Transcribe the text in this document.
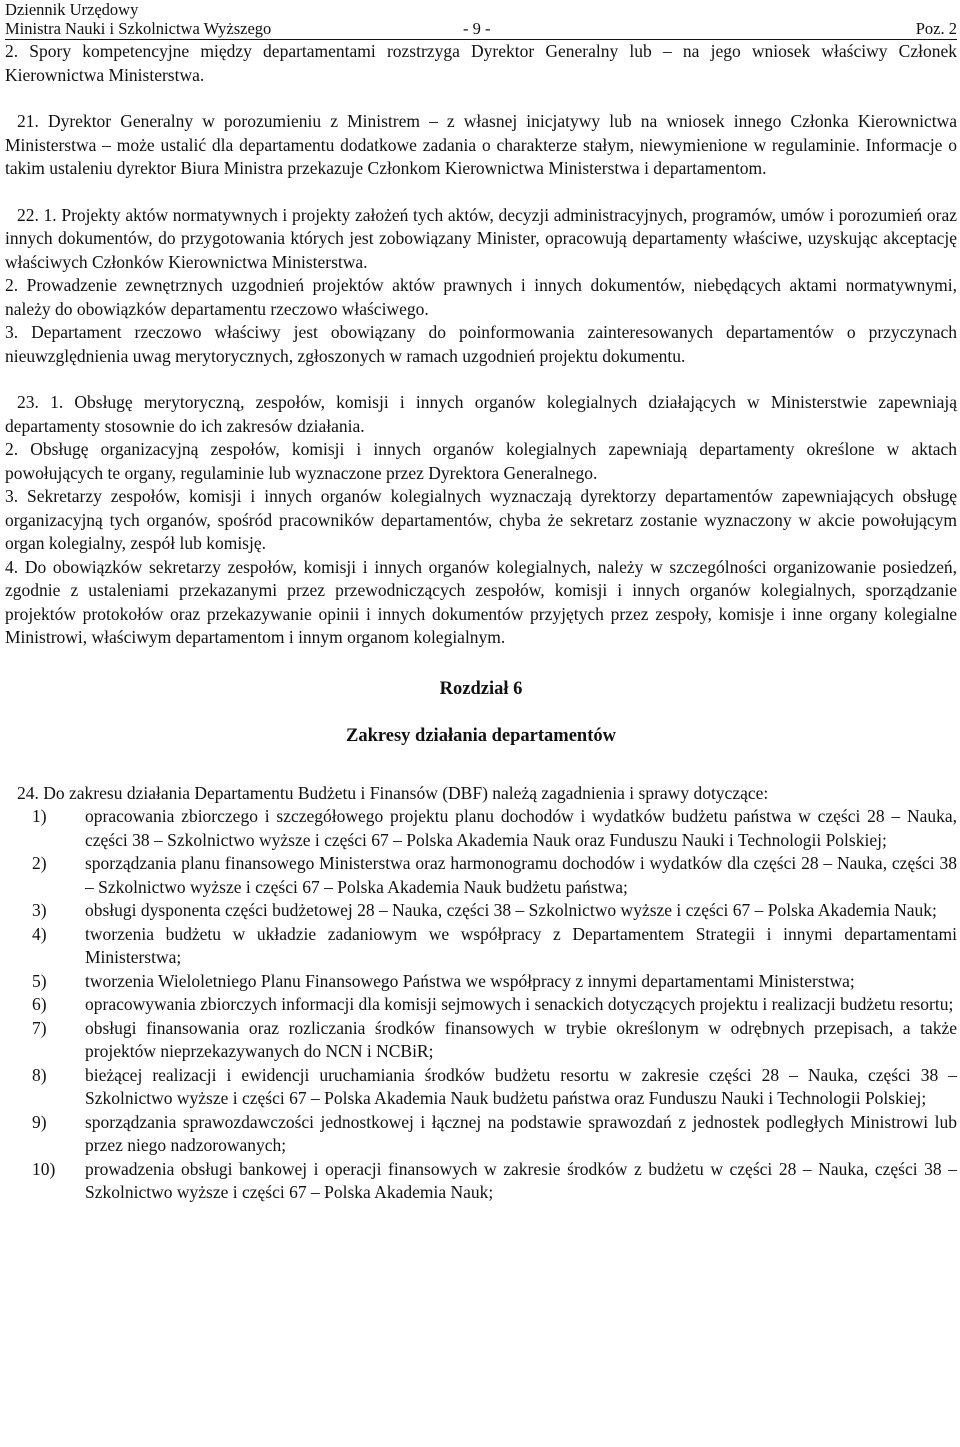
Dziennik Urzędowy
Ministra Nauki i Szkolnictwa Wyższego	- 9 -	Poz. 2

2. Spory kompetencyjne między departamentami rozstrzyga Dyrektor Generalny lub – na jego wniosek właściwy Członek Kierownictwa Ministerstwa.

21. Dyrektor Generalny w porozumieniu z Ministrem – z własnej inicjatywy lub na wniosek innego Członka Kierownictwa Ministerstwa – może ustalić dla departamentu dodatkowe zadania o charakterze stałym, niewymienione w regulaminie. Informacje o takim ustaleniu dyrektor Biura Ministra przekazuje Członkom Kierownictwa Ministerstwa i departamentom.

22. 1. Projekty aktów normatywnych i projekty założeń tych aktów, decyzji administracyjnych, programów, umów i porozumień oraz innych dokumentów, do przygotowania których jest zobowiązany Minister, opracowują departamenty właściwe, uzyskując akceptację właściwych Członków Kierownictwa Ministerstwa.

2. Prowadzenie zewnętrznych uzgodnień projektów aktów prawnych i innych dokumentów, niebędących aktami normatywnymi, należy do obowiązków departamentu rzeczowo właściwego.

3. Departament rzeczowo właściwy jest obowiązany do poinformowania zainteresowanych departamentów o przyczynach nieuwzględnienia uwag merytorycznych, zgłoszonych w ramach uzgodnień projektu dokumentu.

23. 1. Obsługę merytoryczną, zespołów, komisji i innych organów kolegialnych działających w Ministerstwie zapewniają departamenty stosownie do ich zakresów działania.

2. Obsługę organizacyjną zespołów, komisji i innych organów kolegialnych zapewniają departamenty określone w aktach powołujących te organy, regulaminie lub wyznaczone przez Dyrektora Generalnego.

3. Sekretarzy zespołów, komisji i innych organów kolegialnych wyznaczają dyrektorzy departamentów zapewniających obsługę organizacyjną tych organów, spośród pracowników departamentów, chyba że sekretarz zostanie wyznaczony w akcie powołującym organ kolegialny, zespół lub komisję.

4. Do obowiązków sekretarzy zespołów, komisji i innych organów kolegialnych, należy w szczególności organizowanie posiedzeń, zgodnie z ustaleniami przekazanymi przez przewodniczących zespołów, komisji i innych organów kolegialnych, sporządzanie projektów protokołów oraz przekazywanie opinii i innych dokumentów przyjętych przez zespoły, komisje i inne organy kolegialne Ministrowi, właściwym departamentom i innym organom kolegialnym.

Rozdział 6
Zakresy działania departamentów

24. Do zakresu działania Departamentu Budżetu i Finansów (DBF) należą zagadnienia i sprawy dotyczące:

1) opracowania zbiorczego i szczegółowego projektu planu dochodów i wydatków budżetu państwa w części 28 – Nauka, części 38 – Szkolnictwo wyższe i części 67 – Polska Akademia Nauk oraz Funduszu Nauki i Technologii Polskiej;
2) sporządzania planu finansowego Ministerstwa oraz harmonogramu dochodów i wydatków dla części 28 – Nauka, części 38 – Szkolnictwo wyższe i części 67 – Polska Akademia Nauk budżetu państwa;
3) obsługi dysponenta części budżetowej 28 – Nauka, części 38 – Szkolnictwo wyższe i części 67 – Polska Akademia Nauk;
4) tworzenia budżetu w układzie zadaniowym we współpracy z Departamentem Strategii i innymi departamentami Ministerstwa;
5) tworzenia Wieloletniego Planu Finansowego Państwa we współpracy z innymi departamentami Ministerstwa;
6) opracowywania zbiorczych informacji dla komisji sejmowych i senackich dotyczących projektu i realizacji budżetu resortu;
7) obsługi finansowania oraz rozliczania środków finansowych w trybie określonym w odrębnych przepisach, a także projektów nieprzekazywanych do NCN i NCBiR;
8) bieżącej realizacji i ewidencji uruchamiania środków budżetu resortu w zakresie części 28 – Nauka, części 38 – Szkolnictwo wyższe i części 67 – Polska Akademia Nauk budżetu państwa oraz Funduszu Nauki i Technologii Polskiej;
9) sporządzania sprawozdawczości jednostkowej i łącznej na podstawie sprawozdań z jednostek podległych Ministrowi lub przez niego nadzorowanych;
10) prowadzenia obsługi bankowej i operacji finansowych w zakresie środków z budżetu w części 28 – Nauka, części 38 – Szkolnictwo wyższe i części 67 – Polska Akademia Nauk;
